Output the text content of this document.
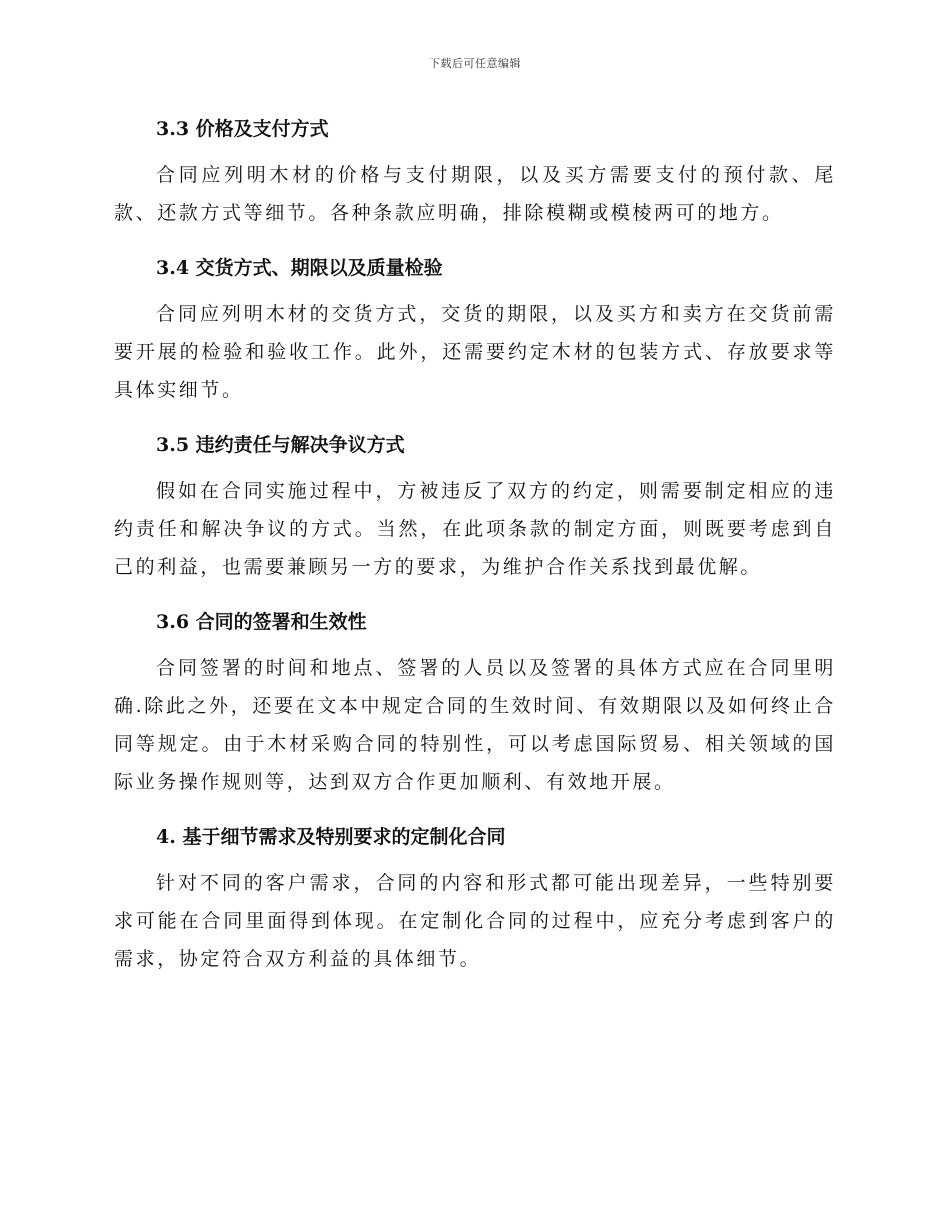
下载后可任意编辑

3.3 价格及支付方式

合同应列明木材的价格与支付期限，以及买方需要支付的预付款、尾款、还款方式等细节。各种条款应明确，排除模糊或模棱两可的地方。

3.4 交货方式、期限以及质量检验

合同应列明木材的交货方式，交货的期限，以及买方和卖方在交货前需要开展的检验和验收工作。此外，还需要约定木材的包装方式、存放要求等具体实细节。

3.5 违约责任与解决争议方式

假如在合同实施过程中，方被违反了双方的约定，则需要制定相应的违约责任和解决争议的方式。当然，在此项条款的制定方面，则既要考虑到自己的利益，也需要兼顾另一方的要求，为维护合作关系找到最优解。

3.6 合同的签署和生效性

合同签署的时间和地点、签署的人员以及签署的具体方式应在合同里明确.除此之外，还要在文本中规定合同的生效时间、有效期限以及如何终止合同等规定。由于木材采购合同的特别性，可以考虑国际贸易、相关领域的国际业务操作规则等，达到双方合作更加顺利、有效地开展。

4. 基于细节需求及特别要求的定制化合同

针对不同的客户需求，合同的内容和形式都可能出现差异，一些特别要求可能在合同里面得到体现。在定制化合同的过程中，应充分考虑到客户的需求，协定符合双方利益的具体细节。
